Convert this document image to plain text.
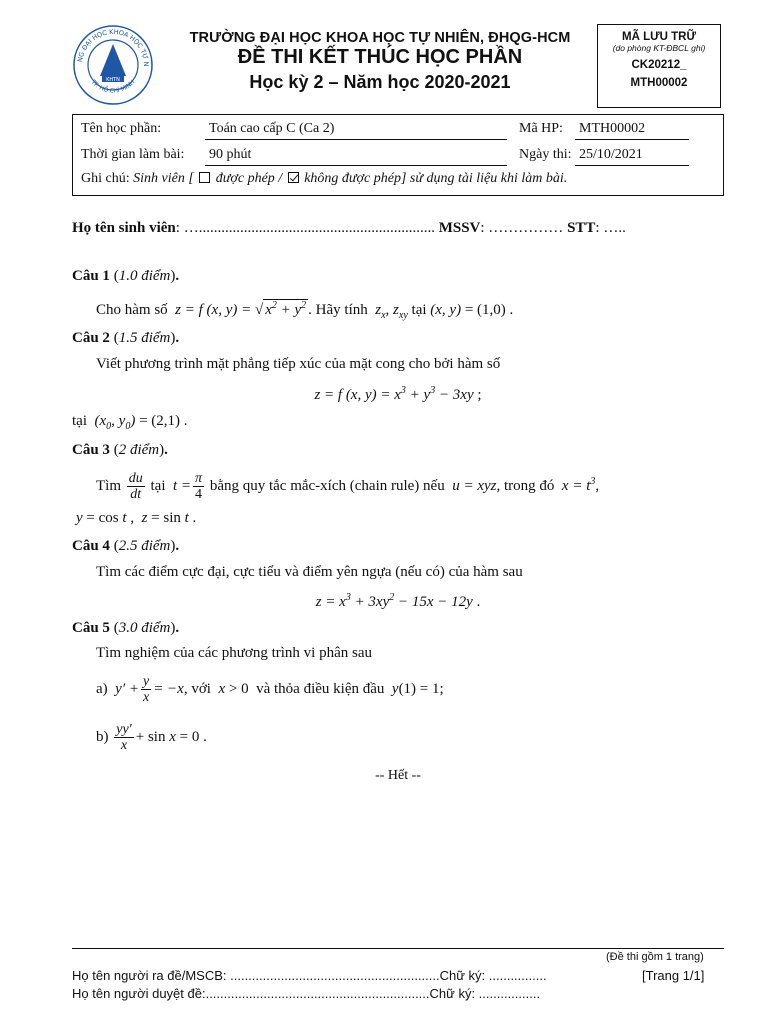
KHTN
NG ĐẠI HỌC KHOA HỌC TỰ N
TP. HỒ CHÍ MINH
TRƯỜNG ĐẠI HỌC KHOA HỌC TỰ NHIÊN, ĐHQG-HCM
ĐỀ THI KẾT THÚC HỌC PHẦN
Học kỳ 2 – Năm học 2020-2021
MÃ LƯU TRỮ
(do phòng KT-ĐBCL ghi)
CK20212_
MTH00002
Tên học phần:	Toán cao cấp C (Ca 2)	Mã HP: MTH00002
Thời gian làm bài: 90 phút	Ngày thi: 25/10/2021
Ghi chú: Sinh viên [ được phép / không được phép] sử dụng tài liệu khi làm bài.
Họ tên sinh viên: …............................................................... MSSV: …………… STT: …..
Câu 1 (1.0 điểm).
Cho hàm số  z = f (x, y) = √ $x^2 + y^2$ . Hãy tính  $z_x$, $z_{xy}$ tại (x, y) = (1,0) .
Câu 2 (1.5 điểm).
Viết phương trình mặt phẳng tiếp xúc của mặt cong cho bởi hàm số
z = f (x, $y) = x^3 + y^3 - 3xy$ ;
tại  ($x_0$, $y_0) = (2,1)$ .
Câu 3 (2 điểm).
Tìm $\frac{du}{dt}$ tại  $t = \frac{\pi}{4}$ bằng quy tắc mắc-xích (chain rule) nếu  u = xyz, trong đó  $x = t^3$,
y = cos t ,  z = sin t .
Câu 4 (2.5 điểm).
Tìm các điểm cực đại, cực tiểu và điểm yên ngựa (nếu có) của hàm sau
$z = x^3 + 3xy^2 - 15x - 12y$ .
Câu 5 (3.0 điểm).
Tìm nghiệm của các phương trình vi phân sau
a)  $y' + \frac{y}{x} = -x$, với  x > 0  và thỏa điều kiện đầu  y(1) = 1;
$b) \frac{yy'}{x} + \sin x = 0$ .
-- Hết --
(Đề thi gồm 1 trang)
Họ tên người ra đề/MSCB: ..........................................................Chữ ký: ................	[Trang 1/1]
Họ tên người duyệt đề:..............................................................Chữ ký: .................
